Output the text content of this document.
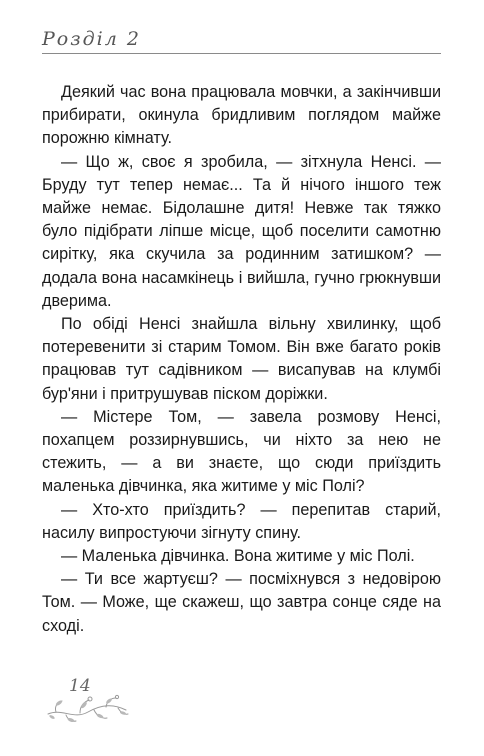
Розділ 2

Деякий час вона працювала мовчки, а закінчивши прибирати, окинула бридливим поглядом майже порожню кімнату.

— Що ж, своє я зробила, — зітхнула Ненсі. — Бруду тут тепер немає... Та й нічого іншого теж майже немає. Бідолашне дитя! Невже так тяжко було підібрати ліпше місце, щоб поселити самотню сирітку, яка скучила за родинним затишком? — додала вона насамкінець і вийшла, гучно грюкнувши дверима.

По обіді Ненсі знайшла вільну хвилинку, щоб потеревенити зі старим Томом. Він вже багато років працював тут садівником — висапував на клумбі бур'яни і притрушував піском доріжки.

— Містере Том, — завела розмову Ненсі, похапцем роззирнувшись, чи ніхто за нею не стежить, — а ви знаєте, що сюди приїздить маленька дівчинка, яка житиме у міс Полі?

— Хто-хто приїздить? — перепитав старий, насилу випростуючи зігнуту спину.

— Маленька дівчинка. Вона житиме у міс Полі.

— Ти все жартуєш? — посміхнувся з недовірою Том. — Може, ще скажеш, що завтра сонце сяде на сході.

14
